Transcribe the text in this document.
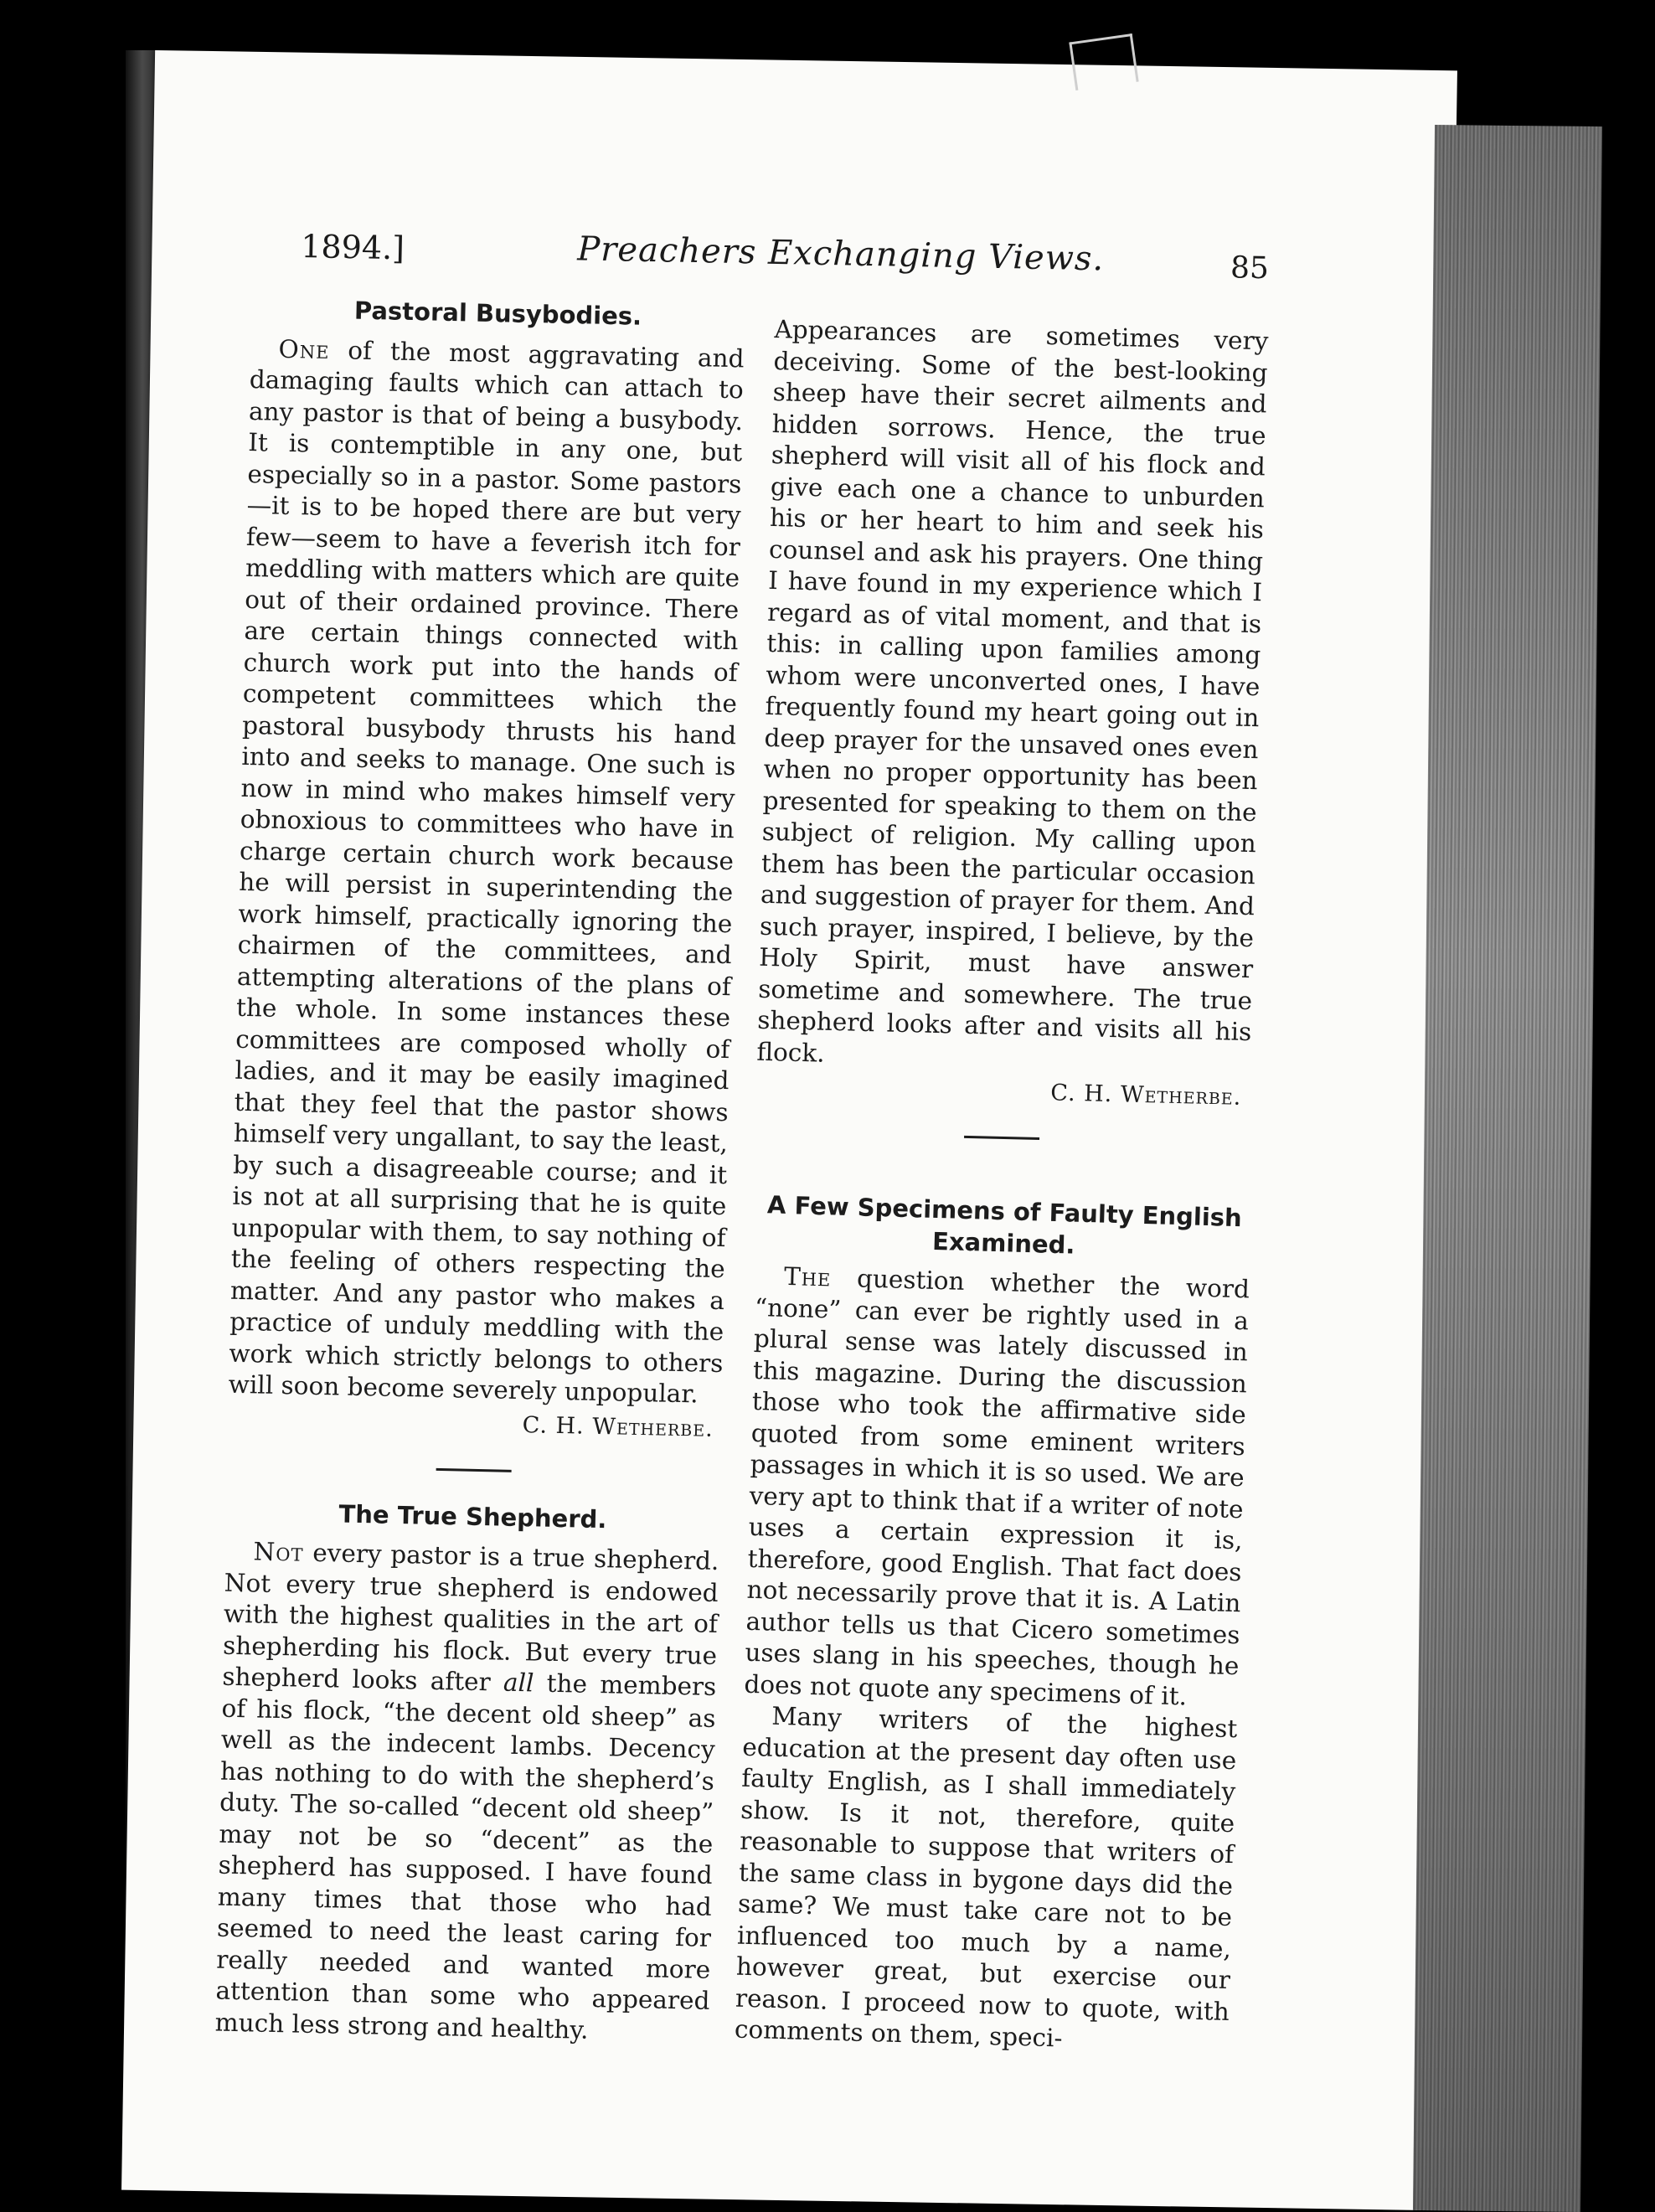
1894.]	Preachers Exchanging Views.	85
Pastoral Busybodies.

One of the most aggravating and damaging faults which can attach to any pastor is that of being a busybody. It is contemptible in any one, but especially so in a pastor. Some pastors—it is to be hoped there are but very few—seem to have a feverish itch for meddling with matters which are quite out of their ordained province. There are certain things connected with church work put into the hands of competent committees which the pastoral busybody thrusts his hand into and seeks to manage. One such is now in mind who makes himself very obnoxious to committees who have in charge certain church work because he will persist in superintending the work himself, practically ignoring the chairmen of the committees, and attempting alterations of the plans of the whole. In some instances these committees are composed wholly of ladies, and it may be easily imagined that they feel that the pastor shows himself very ungallant, to say the least, by such a disagreeable course; and it is not at all surprising that he is quite unpopular with them, to say nothing of the feeling of others respecting the matter. And any pastor who makes a practice of unduly meddling with the work which strictly belongs to others will soon become severely unpopular.

C. H. Wetherbe.
The True Shepherd.

Not every pastor is a true shepherd. Not every true shepherd is endowed with the highest qualities in the art of shepherding his flock. But every true shepherd looks after all the members of his flock, “the decent old sheep” as well as the indecent lambs. Decency has nothing to do with the shepherd’s duty. The so-called “decent old sheep” may not be so “decent” as the shepherd has supposed. I have found many times that those who had seemed to need the least caring for really needed and wanted more attention than some who appeared much less strong and healthy.

Appearances are sometimes very deceiving. Some of the best-looking sheep have their secret ailments and hidden sorrows. Hence, the true shepherd will visit all of his flock and give each one a chance to unburden his or her heart to him and seek his counsel and ask his prayers. One thing I have found in my experience which I regard as of vital moment, and that is this: in calling upon families among whom were unconverted ones, I have frequently found my heart going out in deep prayer for the unsaved ones even when no proper opportunity has been presented for speaking to them on the subject of religion. My calling upon them has been the particular occasion and suggestion of prayer for them. And such prayer, inspired, I believe, by the Holy Spirit, must have answer sometime and somewhere. The true shepherd looks after and visits all his flock.

C. H. Wetherbe.
A Few Specimens of Faulty English Examined.

The question whether the word “none” can ever be rightly used in a plural sense was lately discussed in this magazine. During the discussion those who took the affirmative side quoted from some eminent writers passages in which it is so used. We are very apt to think that if a writer of note uses a certain expression it is, therefore, good English. That fact does not necessarily prove that it is. A Latin author tells us that Cicero sometimes uses slang in his speeches, though he does not quote any specimens of it.

Many writers of the highest education at the present day often use faulty English, as I shall immediately show. Is it not, therefore, quite reasonable to suppose that writers of the same class in bygone days did the same? We must take care not to be influenced too much by a name, however great, but exercise our reason. I proceed now to quote, with comments on them, speci-
